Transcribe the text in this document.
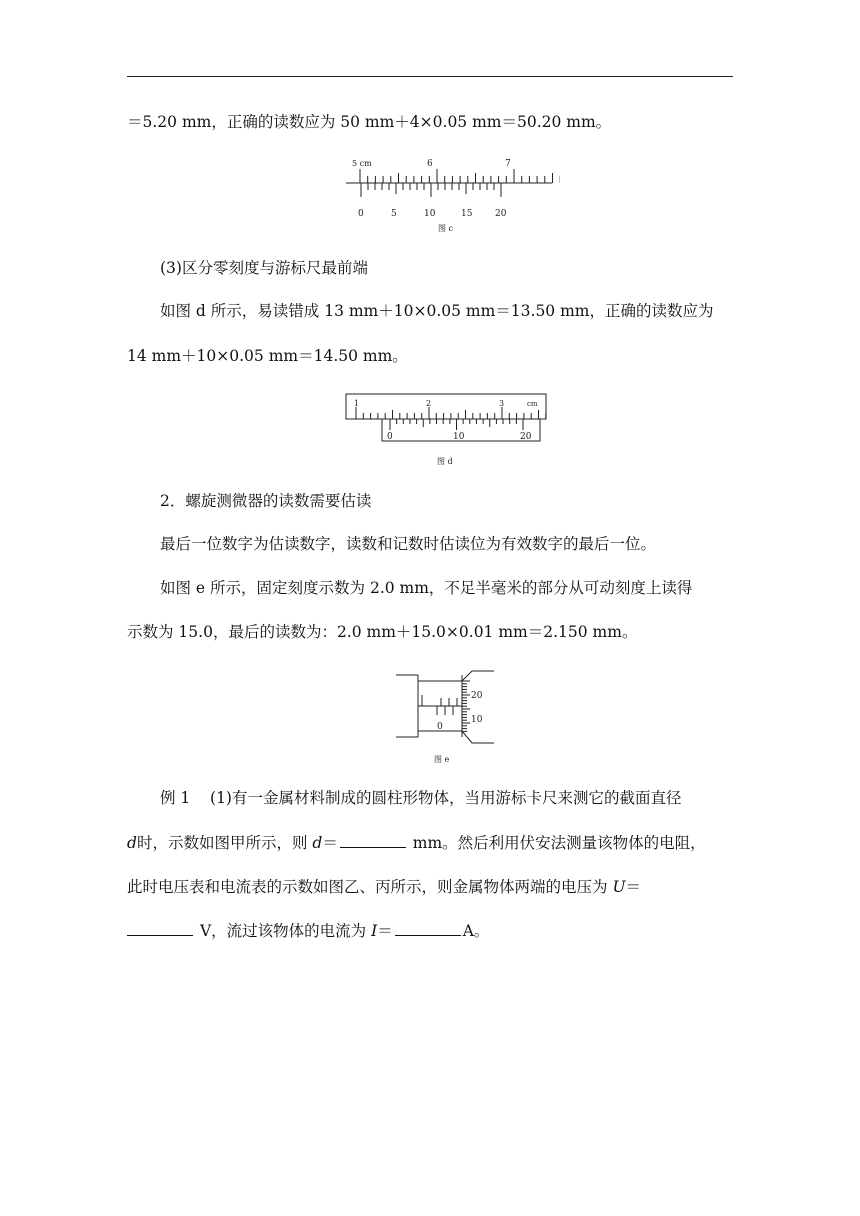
＝5.20 mm，正确的读数应为 50 mm＋4×0.05 mm＝50.20 mm。
5 cm	6	7
0	5	10	15	20
图 c
(3)区分零刻度与游标尺最前端
如图 d 所示，易读错成 13 mm＋10×0.05 mm＝13.50 mm，正确的读数应为
14 mm＋10×0.05 mm＝14.50 mm。
1	2	3	cm
0	10	20
图 d
2．螺旋测微器的读数需要估读
最后一位数字为估读数字，读数和记数时估读位为有效数字的最后一位。
如图 e 所示，固定刻度示数为 2.0 mm，不足半毫米的部分从可动刻度上读得
示数为 15.0，最后的读数为：2.0 mm＋15.0×0.01 mm＝2.150 mm。
0
20
10
图 e
例 1 (1)有一金属材料制成的圆柱形物体，当用游标卡尺来测它的截面直径
d时，示数如图甲所示，则 d＝	mm。然后利用伏安法测量该物体的电阻，
此时电压表和电流表的示数如图乙、丙所示，则金属物体两端的电压为 U＝
V，流过该物体的电流为 I＝	A。
